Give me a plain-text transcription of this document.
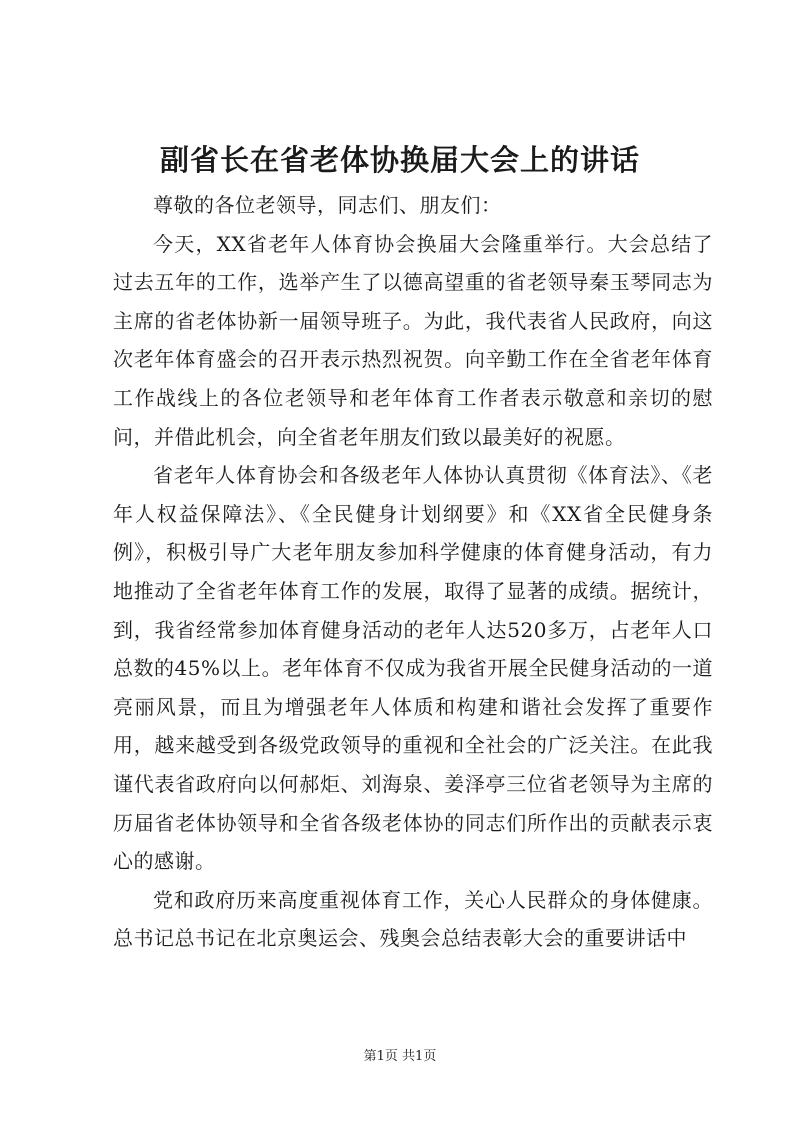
副省长在省老体协换届大会上的讲话

尊敬的各位老领导，同志们、朋友们：

今天，XX省老年人体育协会换届大会隆重举行。大会总结了过去五年的工作，选举产生了以德高望重的省老领导秦玉琴同志为主席的省老体协新一届领导班子。为此，我代表省人民政府，向这次老年体育盛会的召开表示热烈祝贺。向辛勤工作在全省老年体育工作战线上的各位老领导和老年体育工作者表示敬意和亲切的慰问，并借此机会，向全省老年朋友们致以最美好的祝愿。

省老年人体育协会和各级老年人体协认真贯彻《体育法》、《老年人权益保障法》、《全民健身计划纲要》和《XX省全民健身条例》，积极引导广大老年朋友参加科学健康的体育健身活动，有力地推动了全省老年体育工作的发展，取得了显著的成绩。据统计，到，我省经常参加体育健身活动的老年人达520多万，占老年人口总数的45%以上。老年体育不仅成为我省开展全民健身活动的一道亮丽风景，而且为增强老年人体质和构建和谐社会发挥了重要作用，越来越受到各级党政领导的重视和全社会的广泛关注。在此我谨代表省政府向以何郝炬、刘海泉、姜泽亭三位省老领导为主席的历届省老体协领导和全省各级老体协的同志们所作出的贡献表示衷心的感谢。

党和政府历来高度重视体育工作，关心人民群众的身体健康。总书记总书记在北京奥运会、残奥会总结表彰大会的重要讲话中

第1页 共1页
